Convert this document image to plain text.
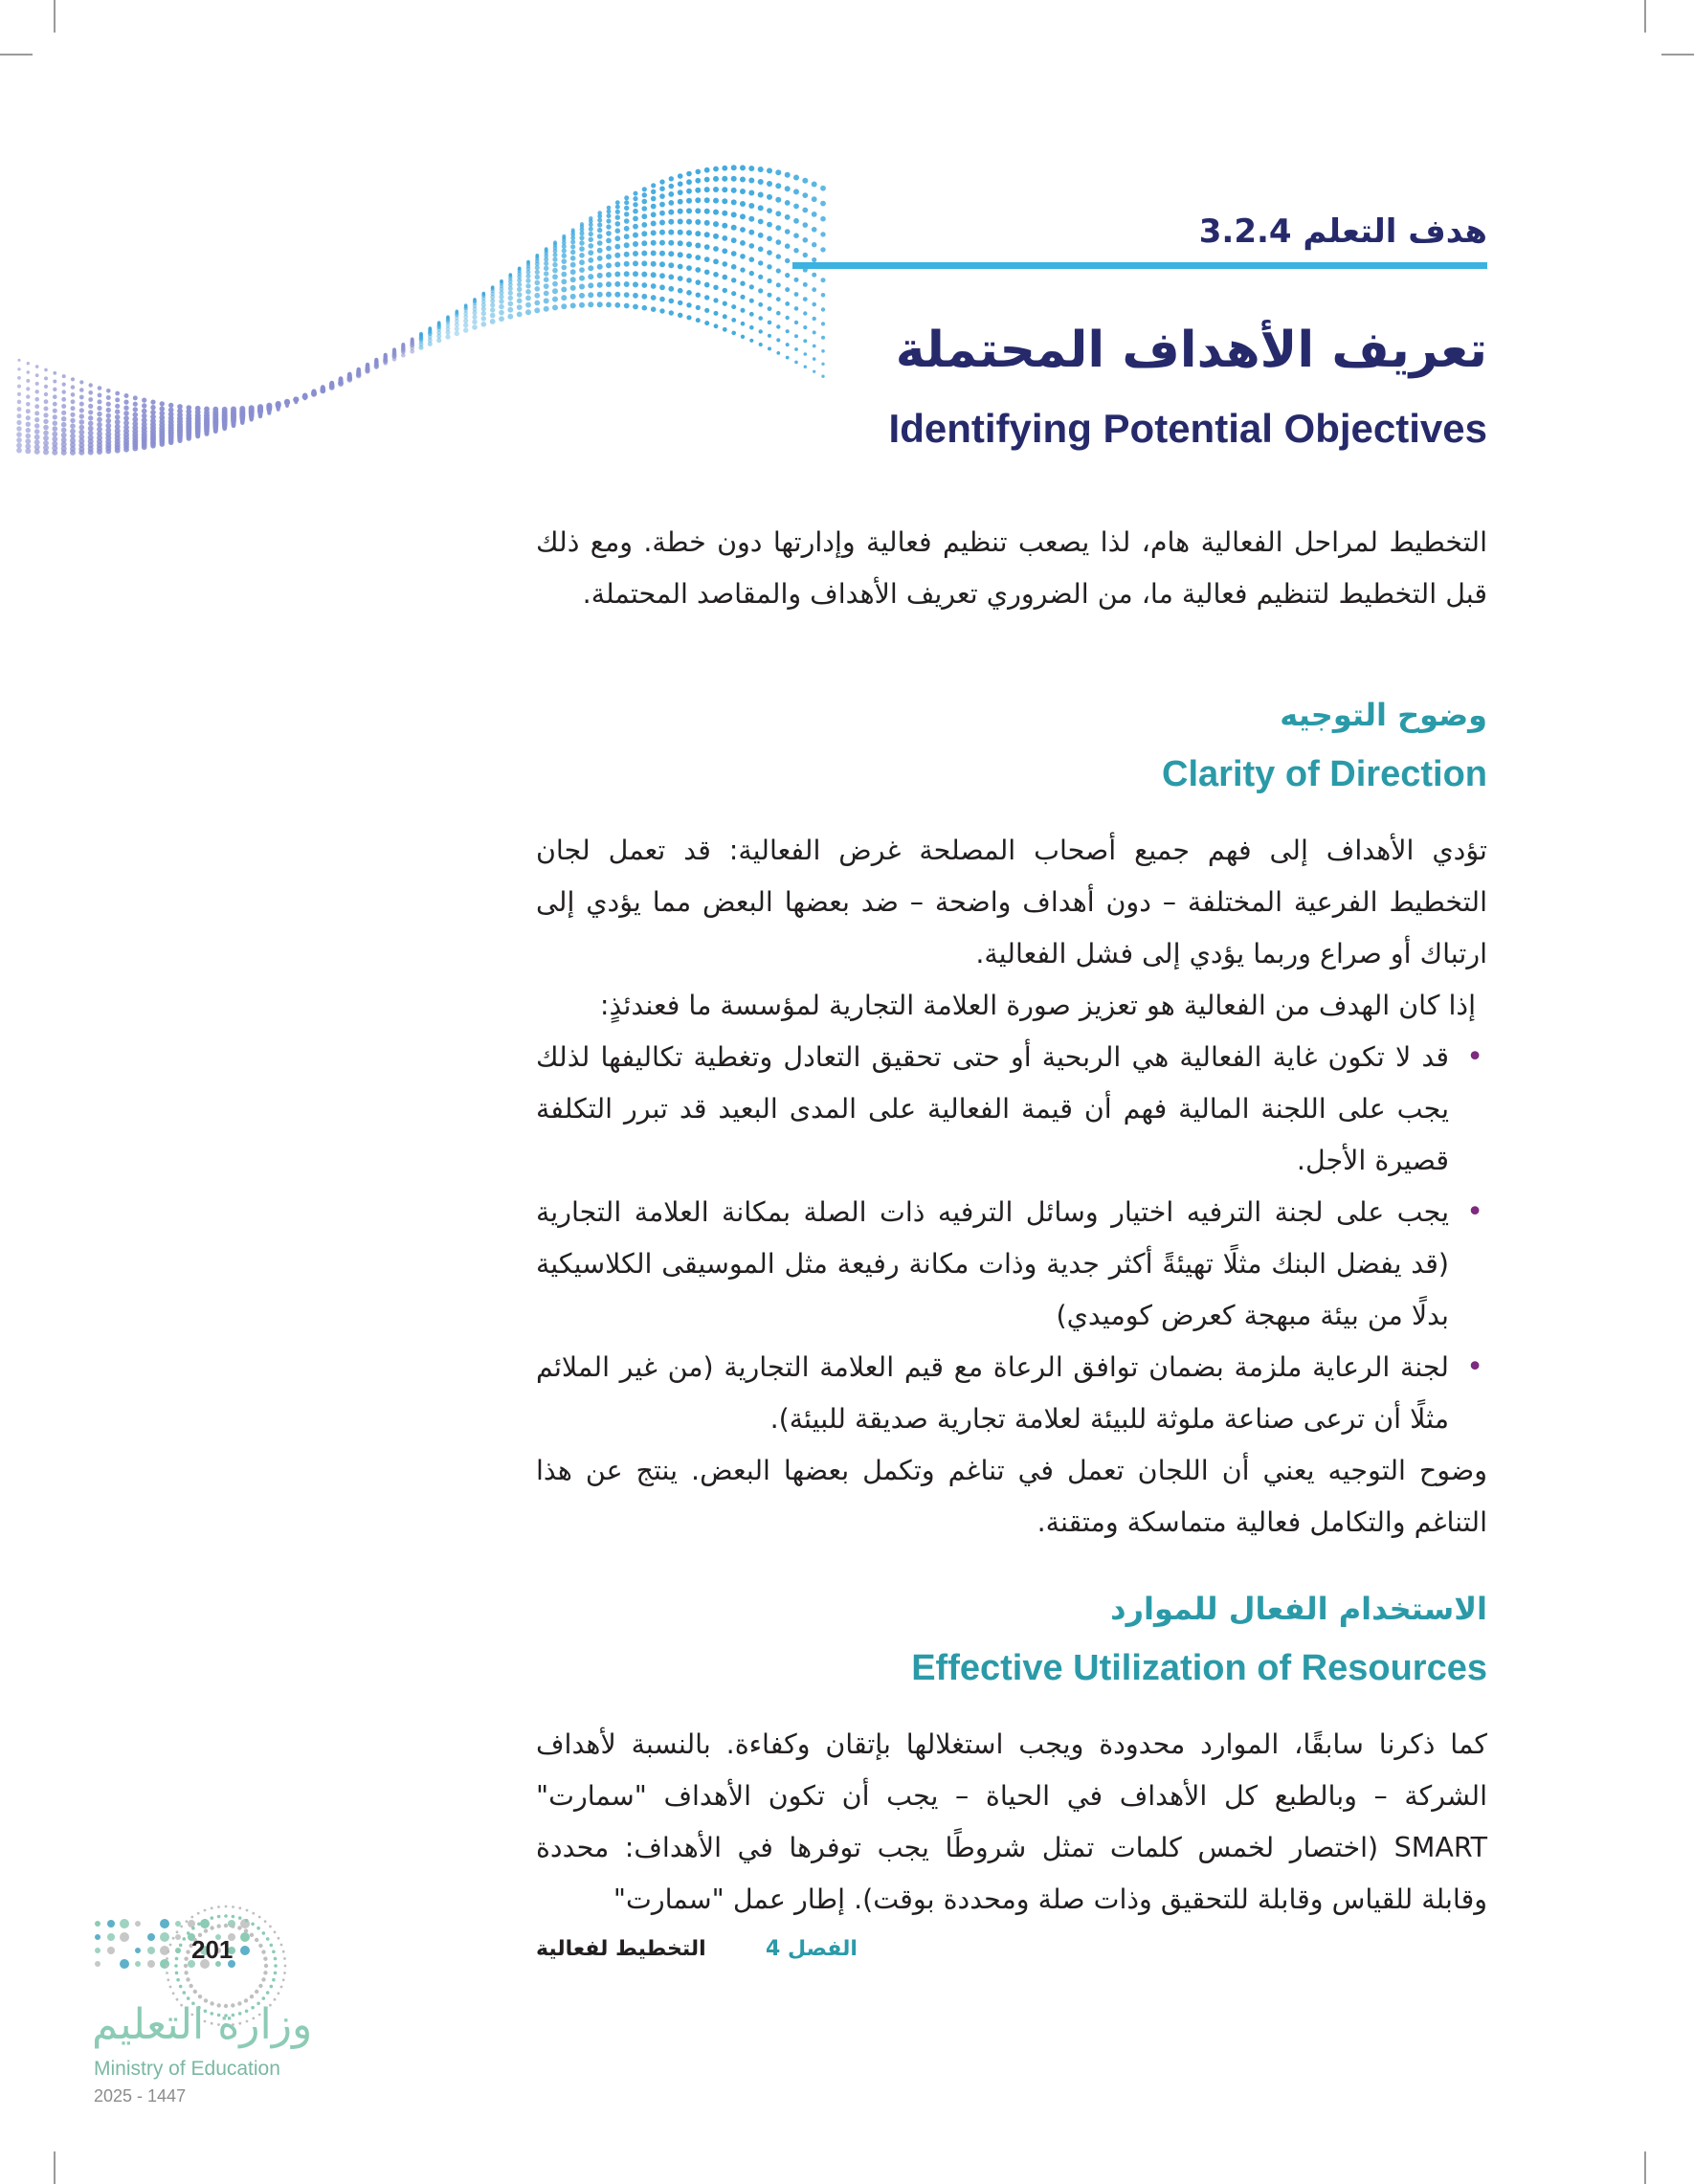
هدف التعلم 3.2.4
تعريف الأهداف المحتملة
Identifying Potential Objectives

التخطيط لمراحل الفعالية هام، لذا يصعب تنظيم فعالية وإدارتها دون خطة. ومع ذلك قبل التخطيط لتنظيم فعالية ما، من الضروري تعريف الأهداف والمقاصد المحتملة.

وضوح التوجيه
Clarity of Direction

تؤدي الأهداف إلى فهم جميع أصحاب المصلحة غرض الفعالية: قد تعمل لجان التخطيط الفرعية المختلفة – دون أهداف واضحة – ضد بعضها البعض مما يؤدي إلى ارتباك أو صراع وربما يؤدي إلى فشل الفعالية.

إذا كان الهدف من الفعالية هو تعزيز صورة العلامة التجارية لمؤسسة ما فعندئذٍ:

• قد لا تكون غاية الفعالية هي الربحية أو حتى تحقيق التعادل وتغطية تكاليفها لذلك يجب على اللجنة المالية فهم أن قيمة الفعالية على المدى البعيد قد تبرر التكلفة قصيرة الأجل.
• يجب على لجنة الترفيه اختيار وسائل الترفيه ذات الصلة بمكانة العلامة التجارية (قد يفضل البنك مثلًا تهيئةً أكثر جدية وذات مكانة رفيعة مثل الموسيقى الكلاسيكية بدلًا من بيئة مبهجة كعرض كوميدي)
• لجنة الرعاية ملزمة بضمان توافق الرعاة مع قيم العلامة التجارية (من غير الملائم مثلًا أن ترعى صناعة ملوثة للبيئة لعلامة تجارية صديقة للبيئة).

وضوح التوجيه يعني أن اللجان تعمل في تناغم وتكمل بعضها البعض. ينتج عن هذا التناغم والتكامل فعالية متماسكة ومتقنة.

الاستخدام الفعال للموارد
Effective Utilization of Resources

كما ذكرنا سابقًا، الموارد محدودة ويجب استغلالها بإتقان وكفاءة. بالنسبة لأهداف الشركة – وبالطبع كل الأهداف في الحياة – يجب أن تكون الأهداف "سمارت" SMART (اختصار لخمس كلمات تمثل شروطًا يجب توفرها في الأهداف: محددة وقابلة للقياس وقابلة للتحقيق وذات صلة ومحددة بوقت). إطار عمل "سمارت"

الفصل 4
التخطيط لفعالية
201
وزارة التعليم
Ministry of Education
2025 - 1447
